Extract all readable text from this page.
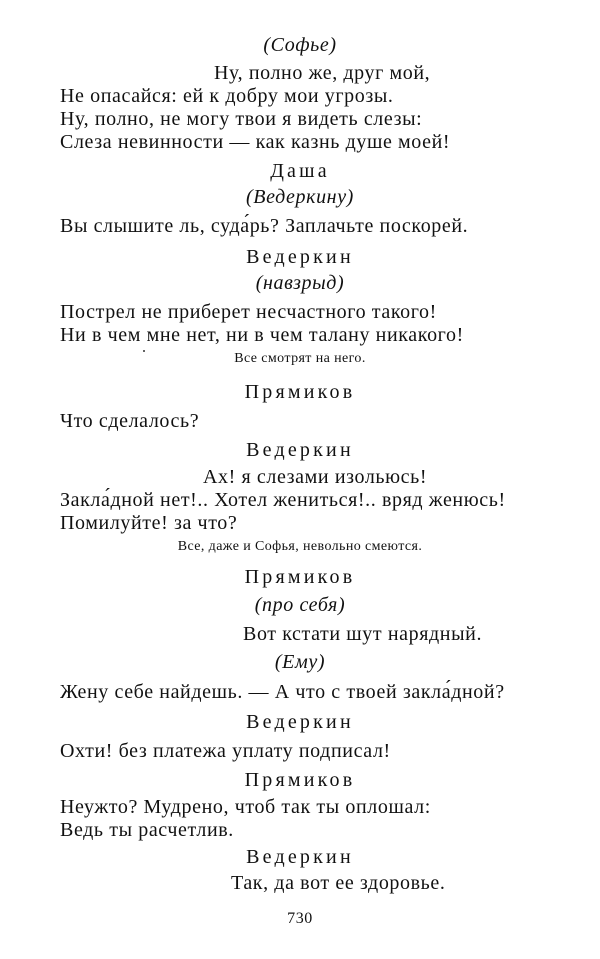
(Софье)
Ну, полно же, друг мой,
Не опасайся: ей к добру мои угрозы.
Ну, полно, не могу твои я видеть слезы:
Слеза невинности — как казнь душе моей!
Даша
(Ведеркину)
Вы слышите ль, суда́рь? Заплачьте поскорей.
Ведеркин
(навзрыд)
Пострел не приберет несчастного такого!
Ни в чем мне нет, ни в чем талану никакого!
Все смотрят на него.
Прямиков
Что сделалось?
Ведеркин
Ах! я слезами изольюсь!
Закла́дной нет!.. Хотел жениться!.. вряд женюсь!
Помилуйте! за что?
Все, даже и Софья, невольно смеются.
Прямиков
(про себя)
Вот кстати шут нарядный.
(Ему)
Жену себе найдешь. — А что с твоей закла́дной?
Ведеркин
Охти! без платежа уплату подписал!
Прямиков
Неужто? Мудрено, чтоб так ты оплошал:
Ведь ты расчетлив.
Ведеркин
Так, да вот ее здоровье.
730
